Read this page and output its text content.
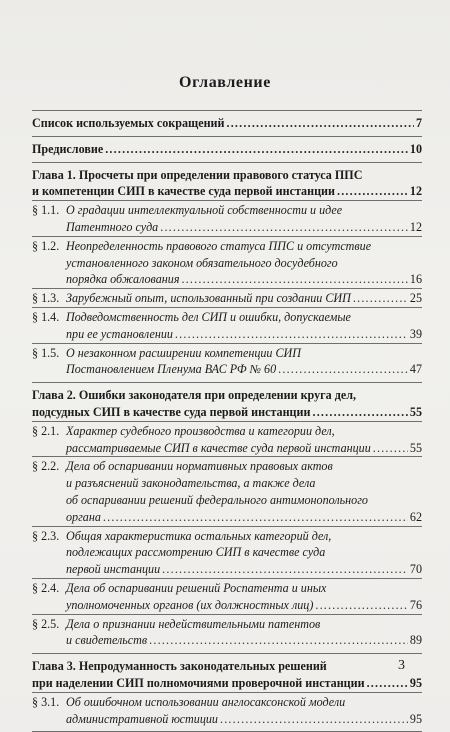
Оглавление
Список используемых сокращений .....	7
Предисловие .....	10
Глава 1. Просчеты при определении правового статуса ППС
и компетенции СИП в качестве суда первой инстанции .....	12
§ 1.1. О градации интеллектуальной собственности и идее
Патентного суда .....	12
§ 1.2. Неопределенность правового статуса ППС и отсутствие
установленного законом обязательного досудебного
порядка обжалования .....	16
§ 1.3. Зарубежный опыт, использованный при создании СИП .....	25
§ 1.4. Подведомственность дел СИП и ошибки, допускаемые
при ее установлении .....	39
§ 1.5. О незаконном расширении компетенции СИП
Постановлением Пленума ВАС РФ № 60 .....	47
Глава 2. Ошибки законодателя при определении круга дел,
подсудных СИП в качестве суда первой инстанции .....	55
§ 2.1. Характер судебного производства и категории дел,
рассматриваемые СИП в качестве суда первой инстанции .....	55
§ 2.2. Дела об оспаривании нормативных правовых актов
и разъяснений законодательства, а также дела
об оспаривании решений федерального антимонопольного
органа .....	62
§ 2.3. Общая характеристика остальных категорий дел,
подлежащих рассмотрению СИП в качестве суда
первой инстанции .....	70
§ 2.4. Дела об оспаривании решений Роспатента и иных
уполномоченных органов (их должностных лиц) .....	76
§ 2.5. Дела о признании недействительными патентов
и свидетельств .....	89
Глава 3. Непродуманность законодательных решений
при наделении СИП полномочиями проверочной инстанции .....	95
§ 3.1. Об ошибочном использовании англосаксонской модели
административной юстиции .....	95
3
